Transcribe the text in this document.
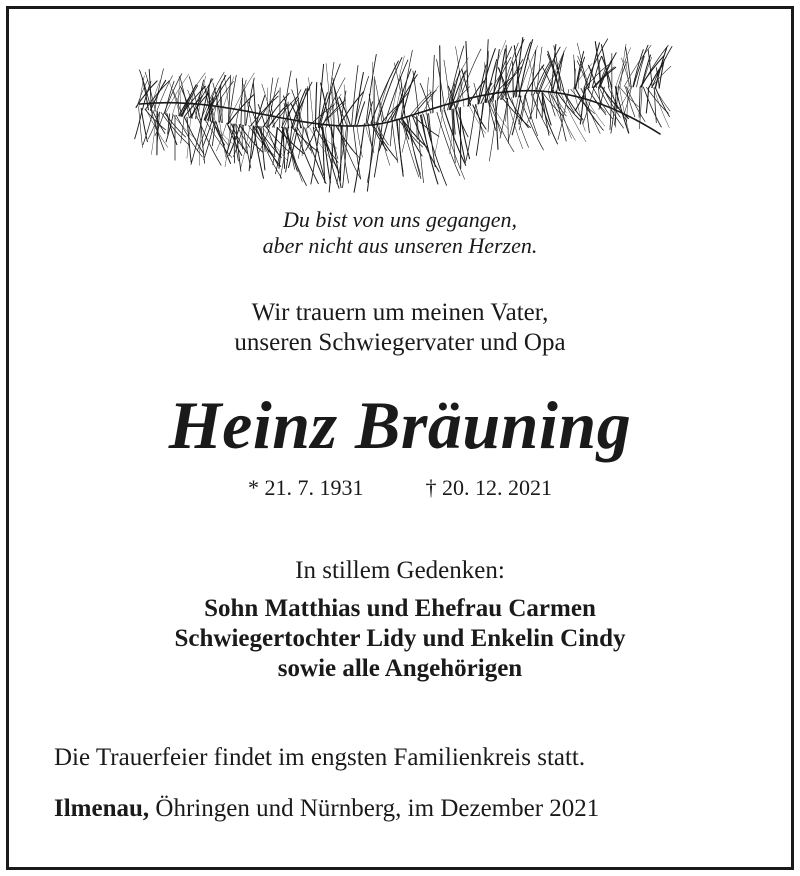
Du bist von uns gegangen,
aber nicht aus unseren Herzen.
Wir trauern um meinen Vater,
unseren Schwiegervater und Opa
Heinz Bräuning
* 21. 7. 1931	† 20. 12. 2021
In stillem Gedenken:
Sohn Matthias und Ehefrau Carmen
Schwiegertochter Lidy und Enkelin Cindy
sowie alle Angehörigen
Die Trauerfeier findet im engsten Familienkreis statt.
Ilmenau, Öhringen und Nürnberg, im Dezember 2021
